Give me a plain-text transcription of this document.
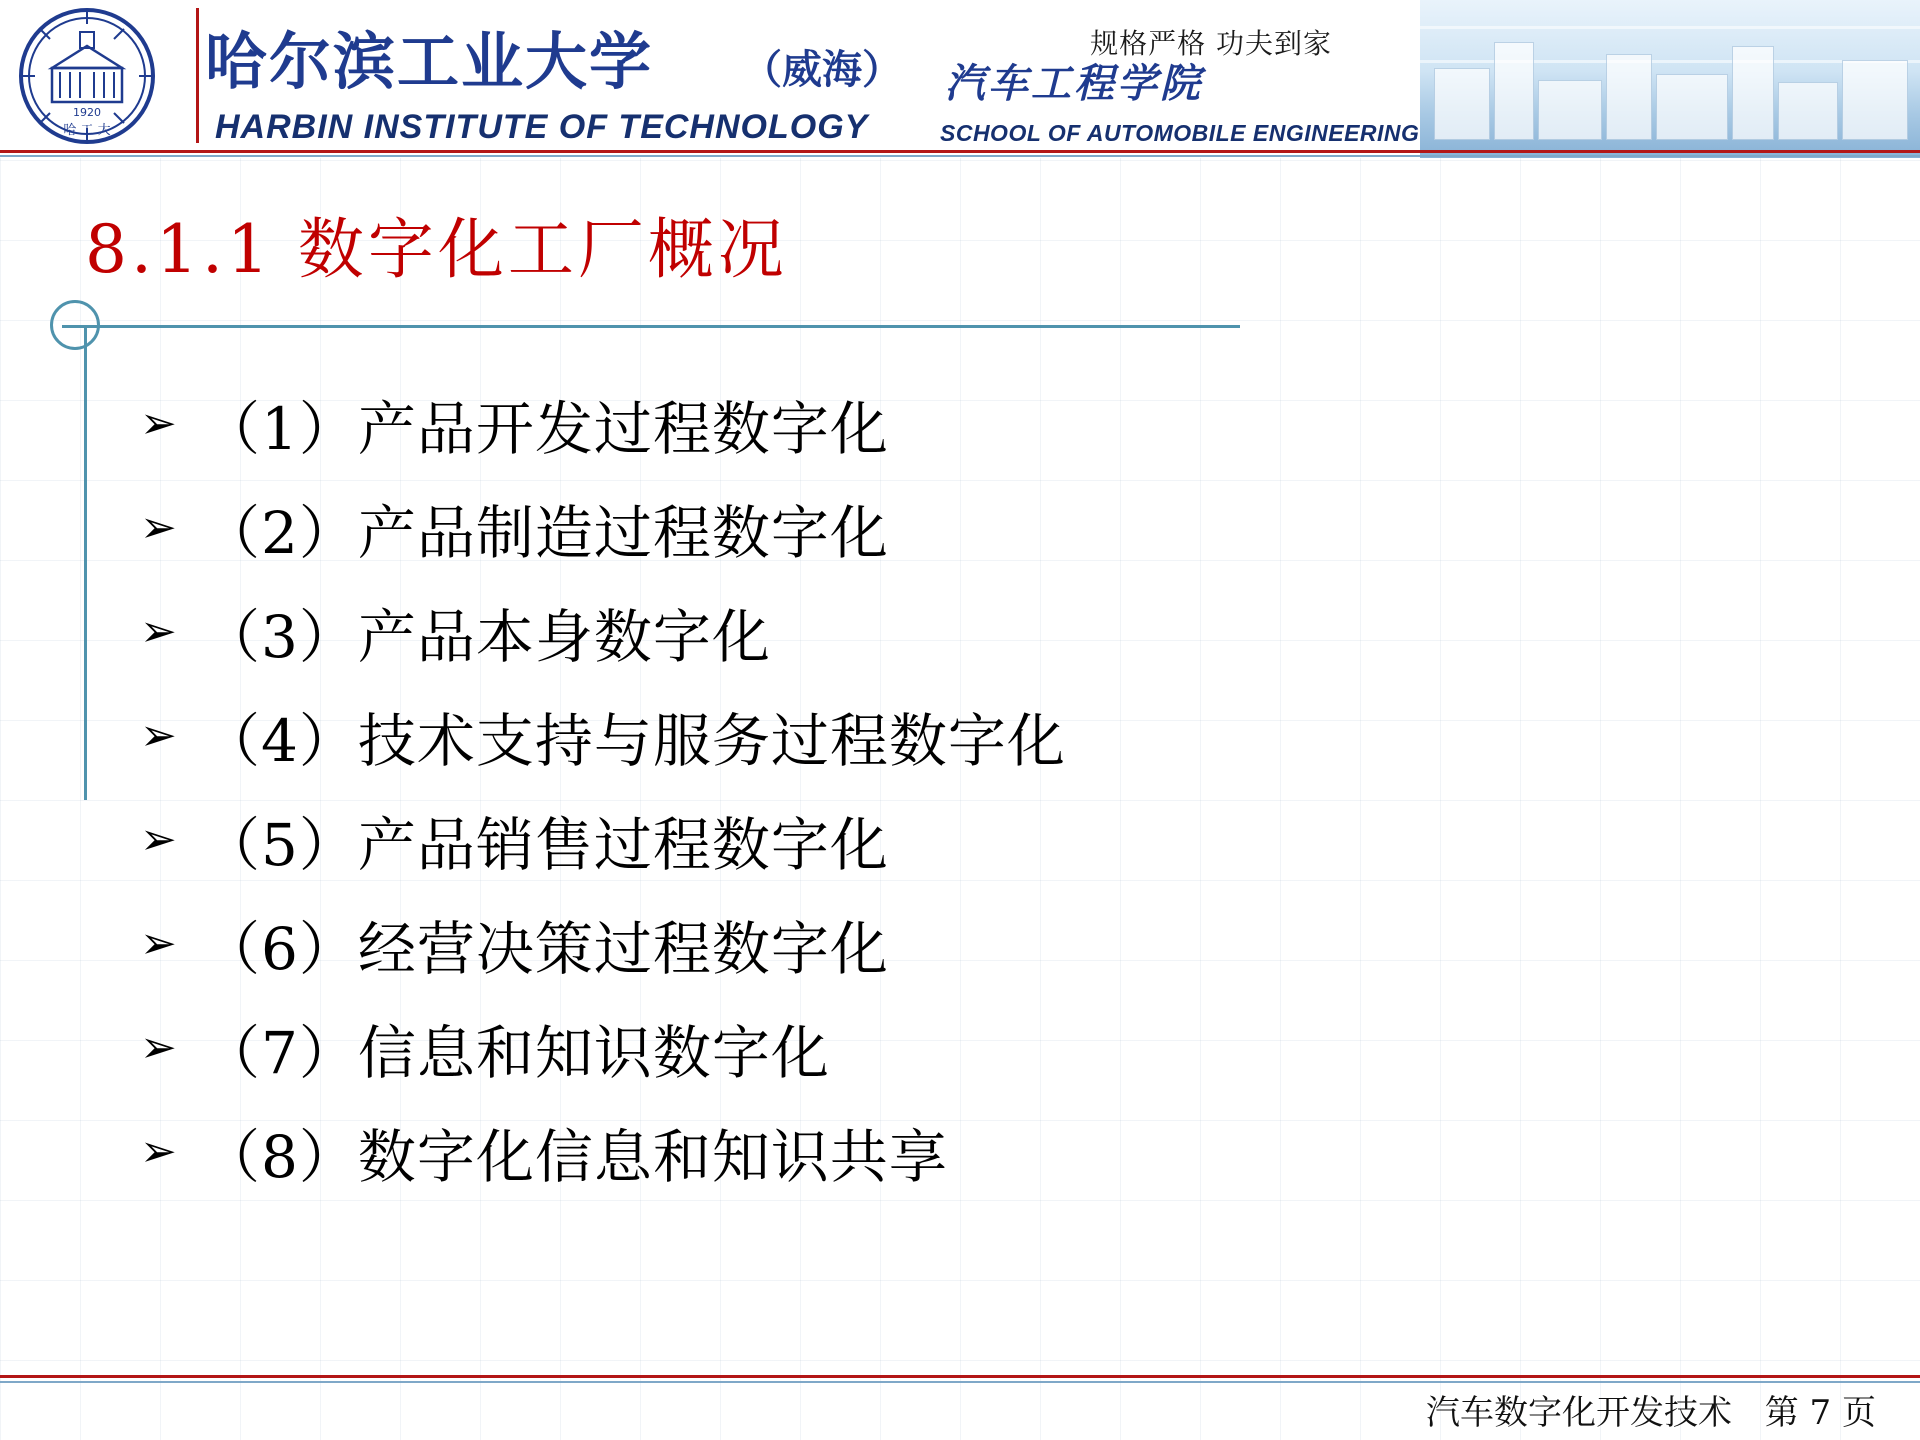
规格严格 功夫到家
1920
哈 工 大
哈尔滨工业大学 （威海） 汽车工程学院
HARBIN INSTITUTE OF TECHNOLOGY	SCHOOL OF AUTOMOBILE ENGINEERING
8.1.1 数字化工厂概况
➢ （1）产品开发过程数字化
➢ （2）产品制造过程数字化
➢ （3）产品本身数字化
➢ （4）技术支持与服务过程数字化
➢ （5）产品销售过程数字化
➢ （6）经营决策过程数字化
➢ （7）信息和知识数字化
➢ （8）数字化信息和知识共享
汽车数字化开发技术 第 7 页
